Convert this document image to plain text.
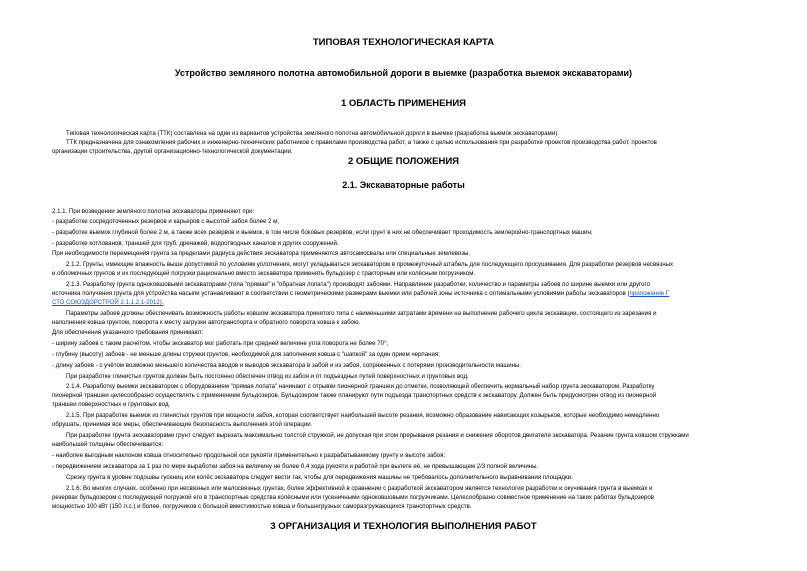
ТИПОВАЯ ТЕХНОЛОГИЧЕСКАЯ КАРТА
Устройство земляного полотна автомобильной дороги в выемке (разработка выемок экскаваторами)
1 ОБЛАСТЬ ПРИМЕНЕНИЯ
Типовая технологическая карта (ТТК) составлена на один из вариантов устройства земляного полотна автомобильной дороги в выемке (разработка выемок экскаваторами).
ТТК предназначена для ознакомления рабочих и инженерно-технических работников с правилами производства работ, а также с целью использования при разработке проектов производства работ, проектов
организации строительства, другой организационно-технологической документации.
2 ОБЩИЕ ПОЛОЖЕНИЯ
2.1. Экскаваторные работы
2.1.1. При возведении земляного полотна экскаваторы применяют при:
- разработке сосредоточенных резервов и карьеров с высотой забоя более 2 м;
- разработке выемок глубиной более 2 м, а также всех резервов и выемок, в том числе боковых резервов, если грунт в них не обеспечивает проходимость землеройно-транспортных машин;
- разработке котлованов, траншей для труб, дренажей, водоотводных каналов и других сооружений.
При необходимости перемещения грунта за пределами радиуса действия экскаватора применяются автосамосвалы или специальные землевозы.
2.1.2. Грунты, имеющие влажность выше допустимой по условиям уплотнения, могут укладываться экскаватором в промежуточный штабель для последующего просушивания. Для разработки резервов несвязных
и обломочных грунтов и их последующей погрузки рационально вместо экскаватора применять бульдозер с тракторным или колёсным погрузчиком.
2.1.3. Разработку грунта одноковшовыми экскаваторами (типа "прямая" и "обратная лопата") производят забоями. Направление разработки, количество и параметры забоев по ширине выемки или другого
источника получения грунта для устройства насыпи устанавливают в соответствии с геометрическими размерами выемки или рабочей зоны источника с оптимальными условиями работы экскаваторов (приложение Г
СТО СОЮЗДОРСТРОЙ 2.1.1.2.1-2012).
Параметры забоев должны обеспечивать возможность работы ковшом экскаватора принятого типа с наименьшими затратами времени на выполнение рабочего цикла экскавации, состоящего из зарезания и
наполнения ковша грунтом, поворота к месту загрузки автотранспорта и обратного поворота ковша к забою.
Для обеспечения указанного требования принимают:
- ширину забоев с таким расчётом, чтобы экскаватор мог работать при средней величине угла поворота не более 70°;
- глубину (высоту) забоев - не меньше длины стружки грунтов, необходимой для заполнения ковша с "шапкой" за один прием черпания;
- длину забоев - с учётом возможно меньшего количества вводов и выводов экскаватора в забой и из забоя, сопряженных с потерями производительности машины.
При разработке глинистых грунтов должен быть постоянно обеспечен отвод из забоя и от подъездных путей поверхностных и грунтовых вод.
2.1.4. Разработку выемки экскаватором с оборудованием "прямая лопата" начинают с отрывки пионерной траншеи до отметки, позволяющей обеспечить нормальный набор грунта экскаватором. Разработку
пионерной траншеи целесообразно осуществлять с применением бульдозеров. Бульдозером также планируют пути подъезда транспортных средств к экскаватору. Должен быть предусмотрен отвод из пионерной
траншеи поверхностных и грунтовых вод.
2.1.5. При разработке выемок из глинистых грунтов при мощности забоя, которая соответствует наибольшей высоте резания, возможно образование нависающих козырьков, которые необходимо немедленно
обрушать, принимая все меры, обеспечивающие безопасность выполнения этой операции.
При разработке грунта экскаваторами грунт следует вырезать максимально толстой стружкой, не допуская при этом прерывания резания и снижения оборотов двигателя экскаватора. Резание грунта ковшом стружками
наибольшей толщины обеспечивается:
- наиболее выгодным наклоном ковша относительно продольной оси рукояти применительно к разрабатываемому грунту и высоте забоя;
- передвижением экскаватора за 1 раз по мере выработки забоя на величину не более 0,4 хода рукояти и работой при вылете её, не превышающем 2/3 полной величины.
Срезку грунта в уровне подошвы гусениц или колёс экскаватора следует вести так, чтобы для передвижения машины не требовалось дополнительного выравнивания площадки.
2.1.6. Во многих случаях, особенно при несвязных или малосвязных грунтах, более эффективной в сравнении с разработкой экскаватором является технология разработки и окучивания грунта в выемках и
резервах бульдозером с последующей погрузкой его в транспортные средства колёсными или гусеничными одноковшовыми погрузчиками. Целесообразно совместное применение на таких работах бульдозеров
мощностью 100 кВт (150 л.с.) и более, погрузчиков с большой вместимостью ковша и большегрузных саморазгружающихся транспортных средств.
3 ОРГАНИЗАЦИЯ И ТЕХНОЛОГИЯ ВЫПОЛНЕНИЯ РАБОТ
